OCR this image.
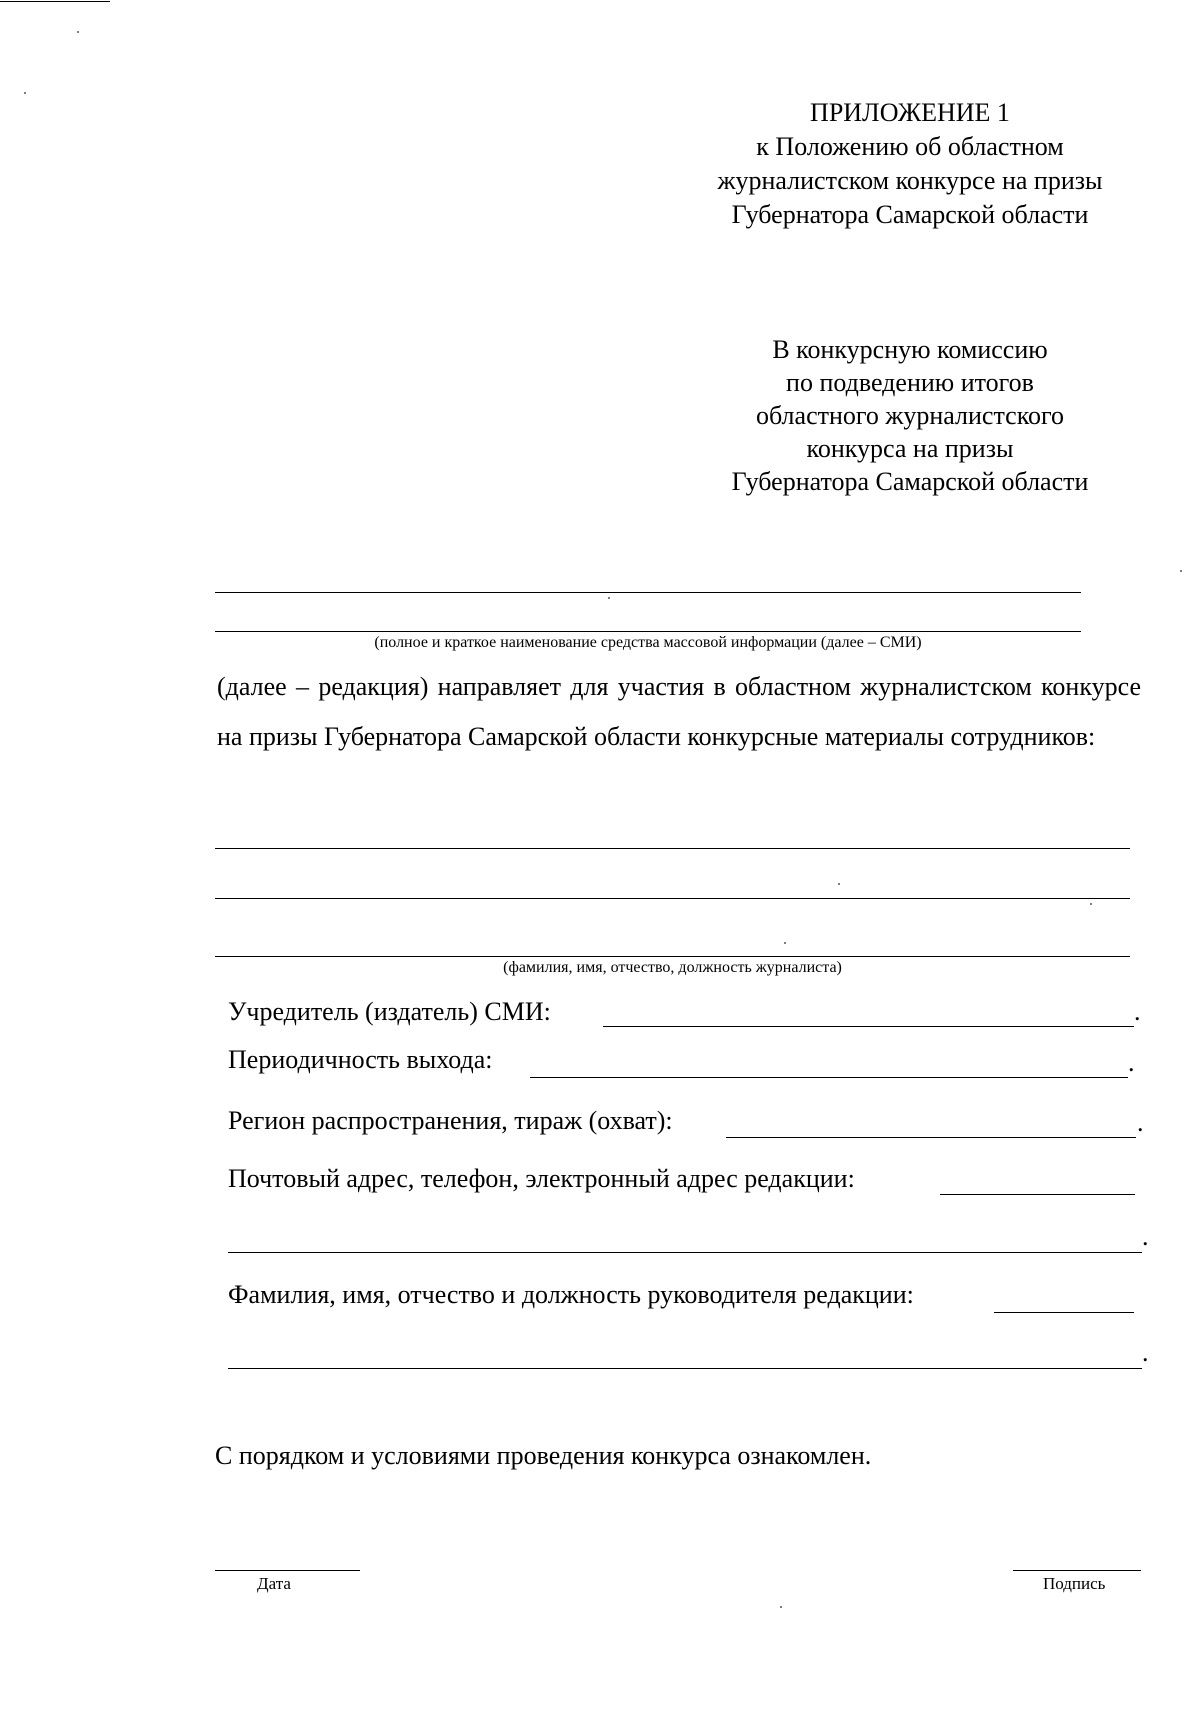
ПРИЛОЖЕНИЕ 1
к Положению об областном
журналистском конкурсе на призы
Губернатора Самарской области
В конкурсную комиссию
по подведению итогов
областного журналистского
конкурса на призы
Губернатора Самарской области
(полное и краткое наименование средства массовой информации (далее – СМИ)
(далее – редакция) направляет для участия в областном журналистском конкурсе на призы Губернатора Самарской области конкурсные материалы сотрудников:
(фамилия, имя, отчество, должность журналиста)
Учредитель (издатель) СМИ:	.
Периодичность выхода:	.
Регион распространения, тираж (охват):	.
Почтовый адрес, телефон, электронный адрес редакции:
.
Фамилия, имя, отчество и должность руководителя редакции:
.
С порядком и условиями проведения конкурса ознакомлен.
Дата	Подпись
